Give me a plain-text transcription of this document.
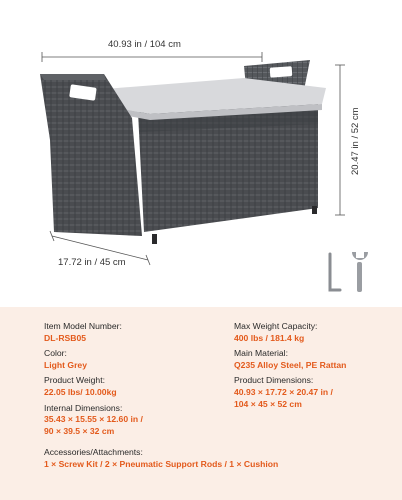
40.93 in / 104 cm
20.47 in / 52 cm
17.72 in / 45 cm
Item Model Number:
DL-RSB05
Color:
Light Grey
Product Weight:
22.05 lbs/ 10.00kg
Internal Dimensions:
35.43 × 15.55 × 12.60 in /
90 × 39.5 × 32 cm
Max Weight Capacity:
400 lbs / 181.4 kg
Main Material:
Q235 Alloy Steel, PE Rattan
Product Dimensions:
40.93 × 17.72 × 20.47 in /
104 × 45 × 52 cm
Accessories/Attachments:
1 × Screw Kit / 2 × Pneumatic Support Rods / 1 × Cushion
